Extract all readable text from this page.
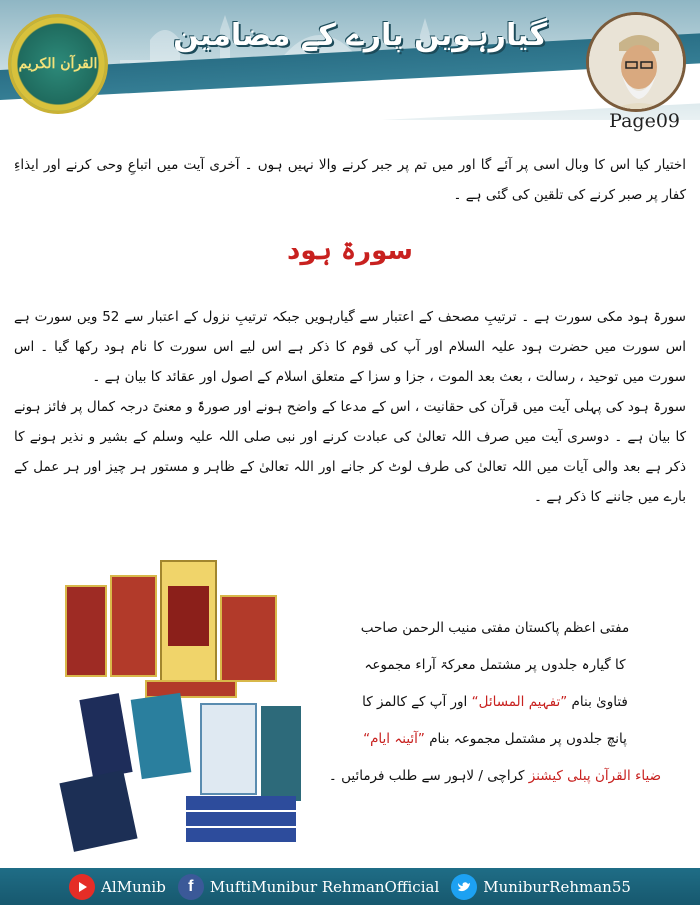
القرآن الکریم
گیارہویں پارے کے مضامین
Page09
اختیار کیا اس کا وبال اسی پر آئے گا اور میں تم پر جبر کرنے والا نہیں ہوں ۔ آخری آیت میں اتباعِ وحی کرنے اور ایذاءِ کفار پر صبر کرنے کی تلقین کی گئی ہے ۔
سورۃ ہود

سورۃ ہود مکی سورت ہے ۔ ترتیبِ مصحف کے اعتبار سے گیارہویں جبکہ ترتیبِ نزول کے اعتبار سے 52 ویں سورت ہے اس سورت میں حضرت ہود علیہ السلام اور آپ کی قوم کا ذکر ہے اس لیے اس سورت کا نام ہود رکھا گیا ۔ اس سورت میں توحید ، رسالت ، بعث بعد الموت ، جزا و سزا کے متعلق اسلام کے اصول اور عقائد کا بیان ہے ۔

سورۃ ہود کی پہلی آیت میں قرآن کی حقانیت ، اس کے مدعا کے واضح ہونے اور صورۃً و معنیً درجہ کمال پر فائز ہونے کا بیان ہے ۔ دوسری آیت میں صرف اللہ تعالیٰ کی عبادت کرنے اور نبی صلی اللہ علیہ وسلم کے بشیر و نذیر ہونے کا ذکر ہے بعد والی آیات میں اللہ تعالیٰ کی طرف لوٹ کر جانے اور اللہ تعالیٰ کے ظاہر و مستور ہر چیز اور ہر عمل کے بارے میں جاننے کا ذکر ہے ۔

مفتی اعظم پاکستان مفتی منیب الرحمن صاحب
کا گیارہ جلدوں پر مشتمل معرکۃ آراء مجموعہ
فتاویٰ بنام ”تفہیم المسائل“ اور آپ کے کالمز کا
پانچ جلدوں پر مشتمل مجموعہ بنام ”آئینہ ایام“
ضیاء القرآن پبلی کیشنز کراچی / لاہور سے طلب فرمائیں ۔
AlMunib f MuftiMunibur RehmanOfficial	MuniburRehman55
